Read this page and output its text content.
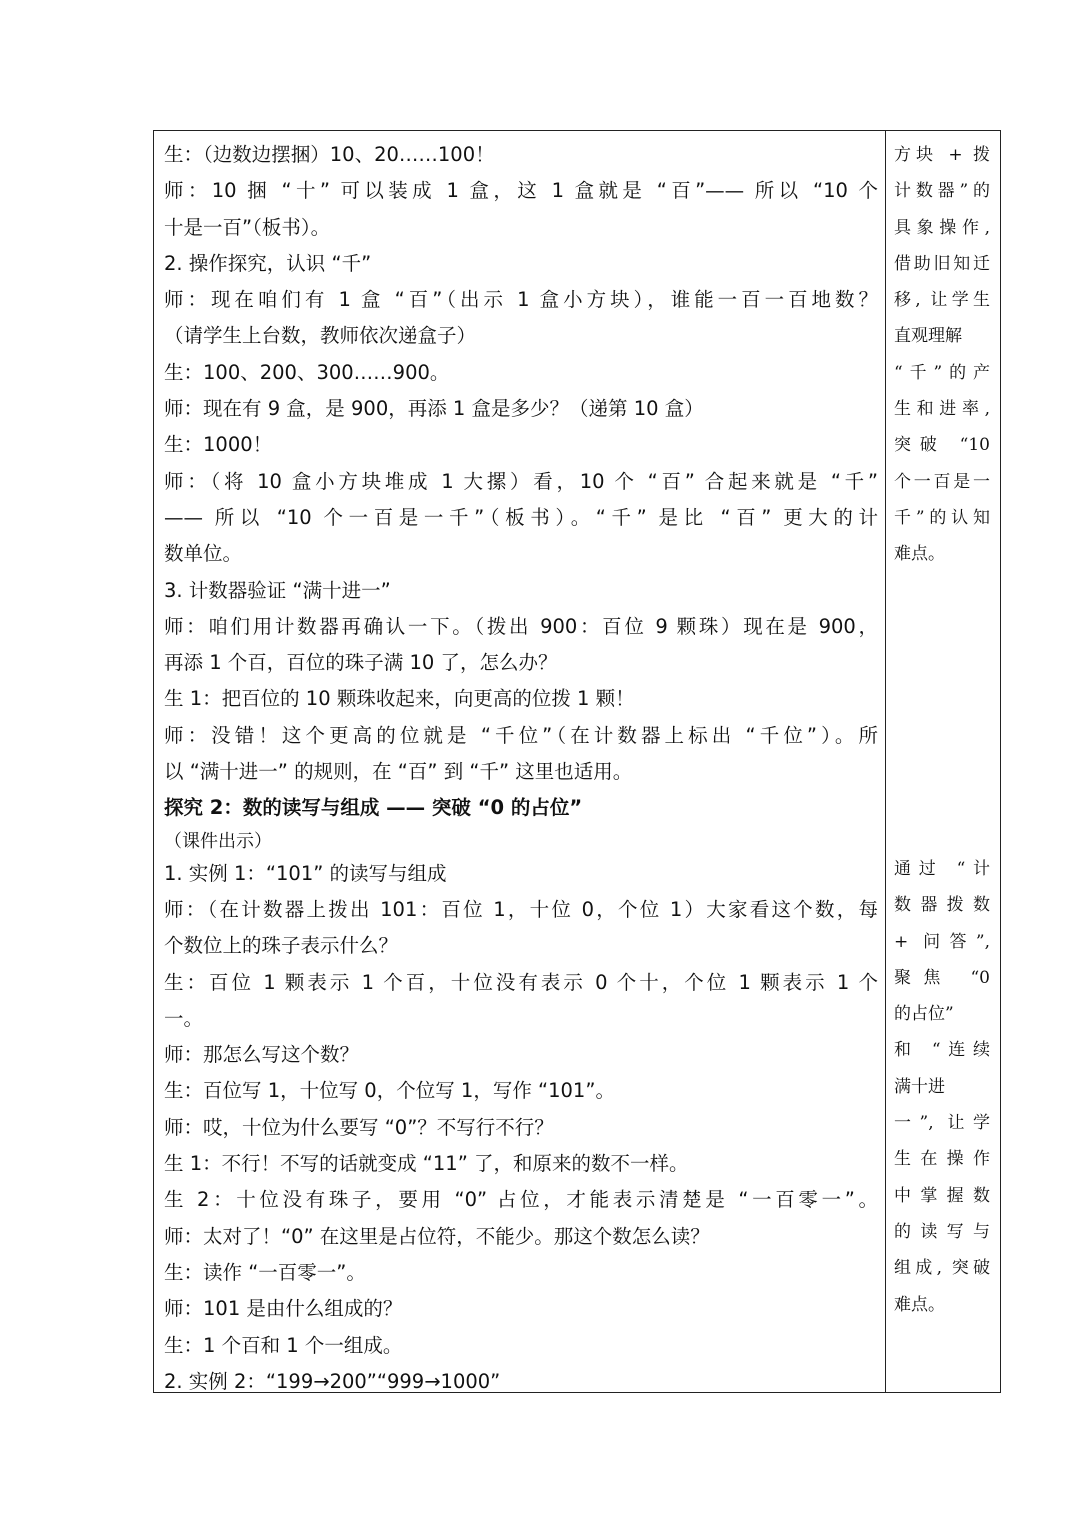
生：（边数边摆捆）10、20……100！
师：10 捆 “十” 可以装成 1 盒，这 1 盒就是 “百”—— 所以 “10 个
十是一百”（板书）。
2. 操作探究，认识 “千”
师：现在咱们有 1 盒 “百”（出示 1 盒小方块），谁能一百一百地数？
（请学生上台数，教师依次递盒子）
生：100、200、300……900。
师：现在有 9 盒，是 900，再添 1 盒是多少？（递第 10 盒）
生：1000！
师：（将 10 盒小方块堆成 1 大摞）看，10 个 “百” 合起来就是 “千”
—— 所以 “10 个一百是一千”（板书）。“千” 是比 “百” 更大的计
数单位。
3. 计数器验证 “满十进一”
师：咱们用计数器再确认一下。（拨出 900：百位 9 颗珠）现在是 900，
再添 1 个百，百位的珠子满 10 了，怎么办？
生 1：把百位的 10 颗珠收起来，向更高的位拨 1 颗！
师：没错！这个更高的位就是 “千位”（在计数器上标出 “千位”）。所
以 “满十进一” 的规则，在 “百” 到 “千” 这里也适用。
探究 2：数的读写与组成 —— 突破 “0 的占位”
（课件出示）
1. 实例 1：“101” 的读写与组成
师：（在计数器上拨出 101：百位 1，十位 0，个位 1）大家看这个数，每
个数位上的珠子表示什么？
生：百位 1 颗表示 1 个百，十位没有表示 0 个十，个位 1 颗表示 1 个
一。
师：那怎么写这个数？
生：百位写 1，十位写 0，个位写 1，写作 “101”。
师：哎，十位为什么要写 “0”？不写行不行？
生 1：不行！不写的话就变成 “11” 了，和原来的数不一样。
生 2：十位没有珠子，要用 “0” 占位，才能表示清楚是 “一百零一”。
师：太对了！“0” 在这里是占位符，不能少。那这个数怎么读？
生：读作 “一百零一”。
师：101 是由什么组成的？
生：1 个百和 1 个一组成。
2. 实例 2：“199→200”“999→1000”
方块 + 拨
计数器”的
具象操作,
借助旧知迁
移, 让学生
直观理解
“千”的产
生和进率,
突破 “10
个一百是一
千”的认知
难点。
通过 “计
数器拨数
+ 问答”,
聚焦 “0
的占位”
和 “连续
满十进
一”, 让学
生在操作
中掌握数
的读写与
组成, 突破
难点。
